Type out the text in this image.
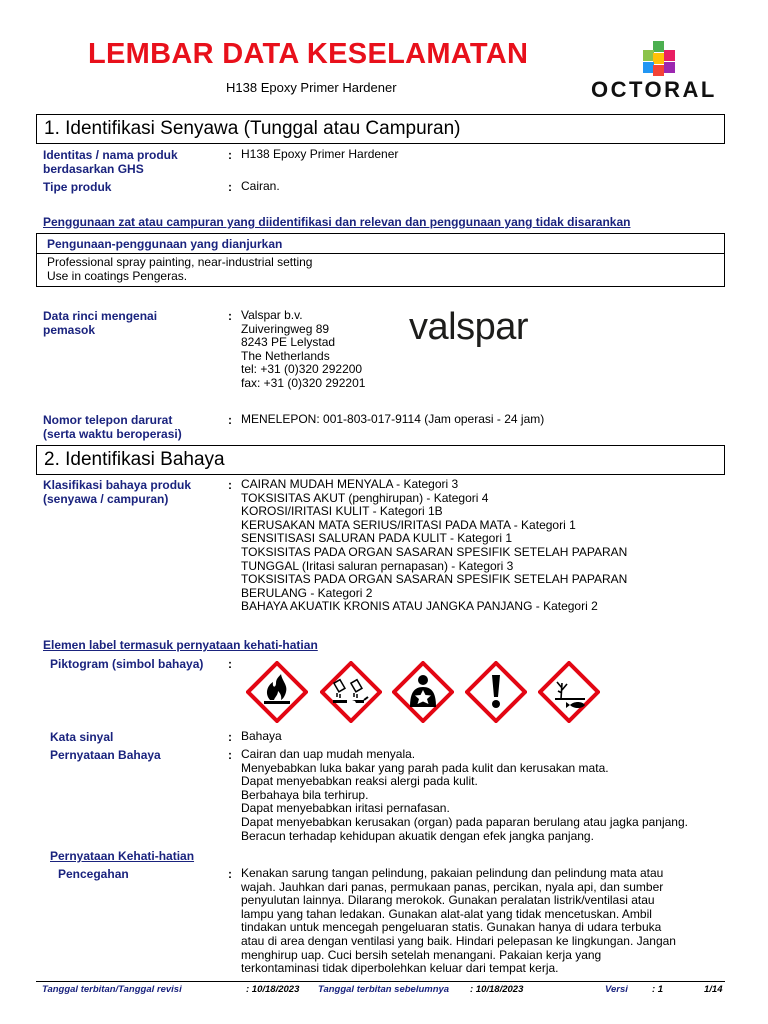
LEMBAR DATA KESELAMATAN
H138 Epoxy Primer Hardener	OCTORAL
1. Identifikasi Senyawa (Tunggal atau Campuran)
Identitas / nama produk
berdasarkan GHS
: H138 Epoxy Primer Hardener
Tipe produk	: Cairan.
Penggunaan zat atau campuran yang diidentifikasi dan relevan dan penggunaan yang tidak disarankan
Pengunaan-penggunaan yang dianjurkan
Professional spray painting, near-industrial setting
Use in coatings Pengeras.
Data rinci mengenai
pemasok
: Valspar b.v.
Zuiveringweg 89
8243 PE Lelystad
The Netherlands
tel: +31 (0)320 292200
fax: +31 (0)320 292201
valspar
Nomor telepon darurat
(serta waktu beroperasi)
: MENELEPON: 001-803-017-9114 (Jam operasi - 24 jam)
2. Identifikasi Bahaya
Klasifikasi bahaya produk
(senyawa / campuran)
: CAIRAN MUDAH MENYALA - Kategori 3
TOKSISITAS AKUT (penghirupan) - Kategori 4
KOROSI/IRITASI KULIT - Kategori 1B
KERUSAKAN MATA SERIUS/IRITASI PADA MATA - Kategori 1
SENSITISASI SALURAN PADA KULIT - Kategori 1
TOKSISITAS PADA ORGAN SASARAN SPESIFIK SETELAH PAPARAN
TUNGGAL (Iritasi saluran pernapasan) - Kategori 3
TOKSISITAS PADA ORGAN SASARAN SPESIFIK SETELAH PAPARAN
BERULANG - Kategori 2
BAHAYA AKUATIK KRONIS ATAU JANGKA PANJANG - Kategori 2
Elemen label termasuk pernyataan kehati-hatian
Piktogram (simbol bahaya) :
Kata sinyal	: Bahaya
Pernyataan Bahaya	: Cairan dan uap mudah menyala.
Menyebabkan luka bakar yang parah pada kulit dan kerusakan mata.
Dapat menyebabkan reaksi alergi pada kulit.
Berbahaya bila terhirup.
Dapat menyebabkan iritasi pernafasan.
Dapat menyebabkan kerusakan (organ) pada paparan berulang atau jagka panjang.
Beracun terhadap kehidupan akuatik dengan efek jangka panjang.
Pernyataan Kehati-hatian
Pencegahan	: Kenakan sarung tangan pelindung, pakaian pelindung dan pelindung mata atau
wajah. Jauhkan dari panas, permukaan panas, percikan, nyala api, dan sumber
penyulutan lainnya. Dilarang merokok. Gunakan peralatan listrik/ventilasi atau
lampu yang tahan ledakan. Gunakan alat-alat yang tidak mencetuskan. Ambil
tindakan untuk mencegah pengeluaran statis. Gunakan hanya di udara terbuka
atau di area dengan ventilasi yang baik. Hindari pelepasan ke lingkungan. Jangan
menghirup uap. Cuci bersih setelah menangani. Pakaian kerja yang
terkontaminasi tidak diperbolehkan keluar dari tempat kerja.
Tanggal terbitan/Tanggal revisi	: 10/18/2023 Tanggal terbitan sebelumnya : 10/18/2023	Versi	: 1	1/14
